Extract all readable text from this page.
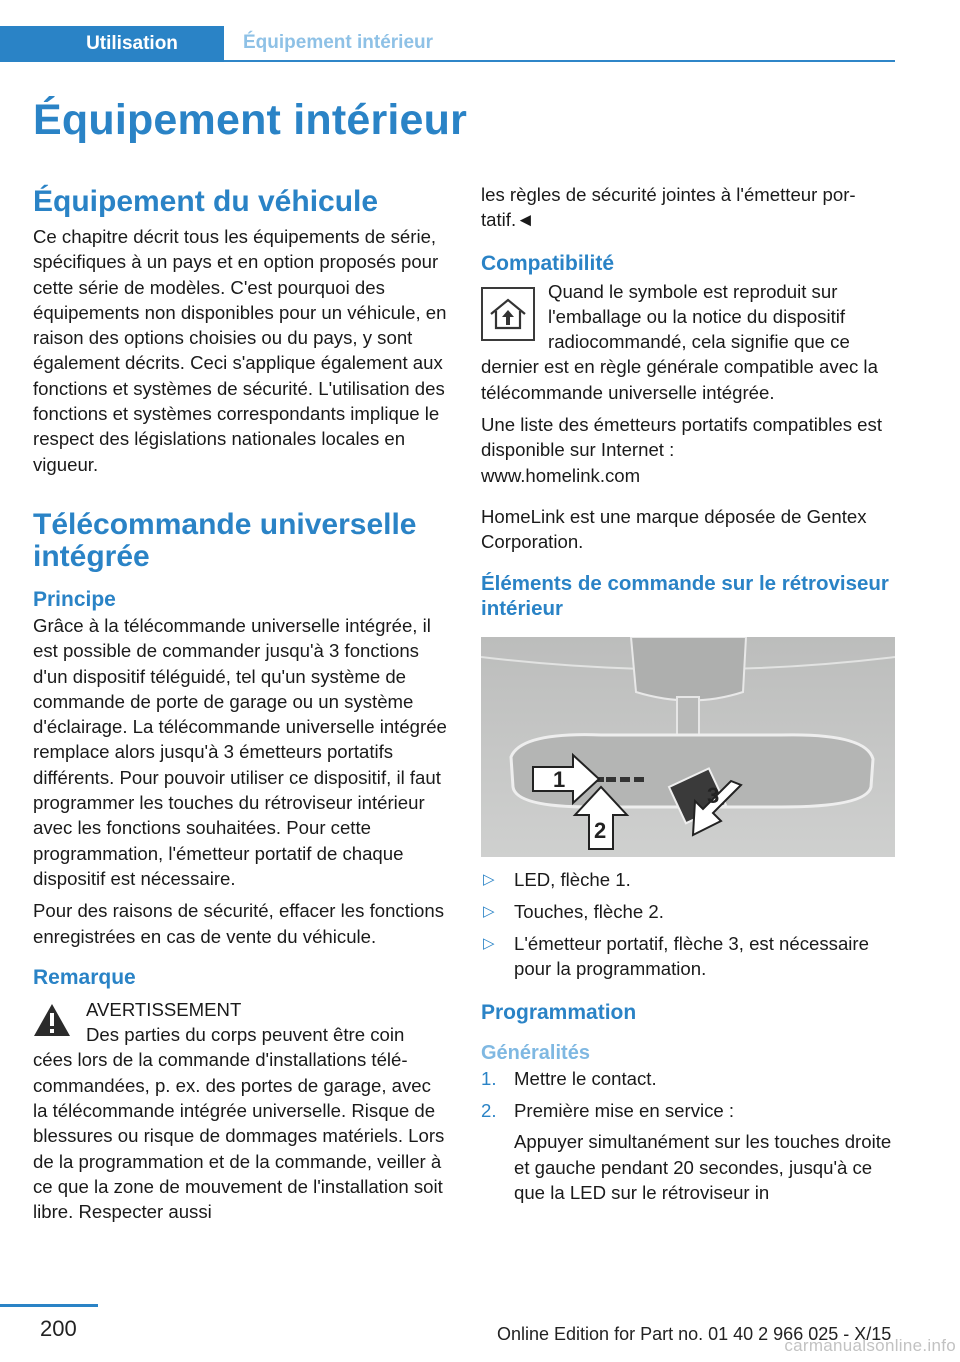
Utilisation	Équipement intérieur
Équipement intérieur
Équipement du véhicule

Ce chapitre décrit tous les équipements de série, spécifiques à un pays et en option proposés pour cette série de modèles. C'est pourquoi des équipements non disponibles pour un véhicule, en raison des options choisies ou du pays, y sont également décrits. Ceci s'applique également aux fonctions et systèmes de sécurité. L'utilisation des fonctions et systèmes correspondants implique le respect des législations nationales locales en vigueur.

Télécommande universelle intégrée
Principe

Grâce à la télécommande universelle intégrée, il est possible de commander jusqu'à 3 fonctions d'un dispositif téléguidé, tel qu'un système de commande de porte de garage ou un système d'éclairage. La télécommande universelle intégrée remplace alors jusqu'à 3 émetteurs portatifs différents. Pour pouvoir utiliser ce dispositif, il faut programmer les touches du rétroviseur intérieur avec les fonctions souhaitées. Pour cette programmation, l'émetteur portatif de chaque dispositif est nécessaire.

Pour des raisons de sécurité, effacer les fonctions enregistrées en cas de vente du véhicule.

Remarque
AVERTISSEMENT
Des parties du corps peuvent être coin
cées lors de la commande d'installations télécommandées, p. ex. des portes de garage, avec la télécommande intégrée universelle. Risque de blessures ou risque de dommages matériels. Lors de la programmation et de la commande, veiller à ce que la zone de mouvement de l'installation soit libre. Respecter aussi

les règles de sécurité jointes à l'émetteur portatif.◄

Compatibilité
Quand le symbole est reproduit sur l'emballage ou la notice du dispositif radiocommandé, cela signifie que ce

dernier est en règle générale compatible avec la télécommande universelle intégrée.

Une liste des émetteurs portatifs compatibles est disponible sur Internet :

www.homelink.com

HomeLink est une marque déposée de Gentex Corporation.

Éléments de commande sur le rétroviseur intérieur
1
2
3
▷ LED, flèche 1.
▷ Touches, flèche 2.
▷ L'émetteur portatif, flèche 3, est nécessaire pour la programmation.
Programmation
Généralités
1. Mettre le contact.
2. Première mise en service :
Appuyer simultanément sur les touches droite et gauche pendant 20 secondes, jusqu'à ce que la LED sur le rétroviseur in
200	Online Edition for Part no. 01 40 2 966 025 - X/15
carmanualsonline.info
